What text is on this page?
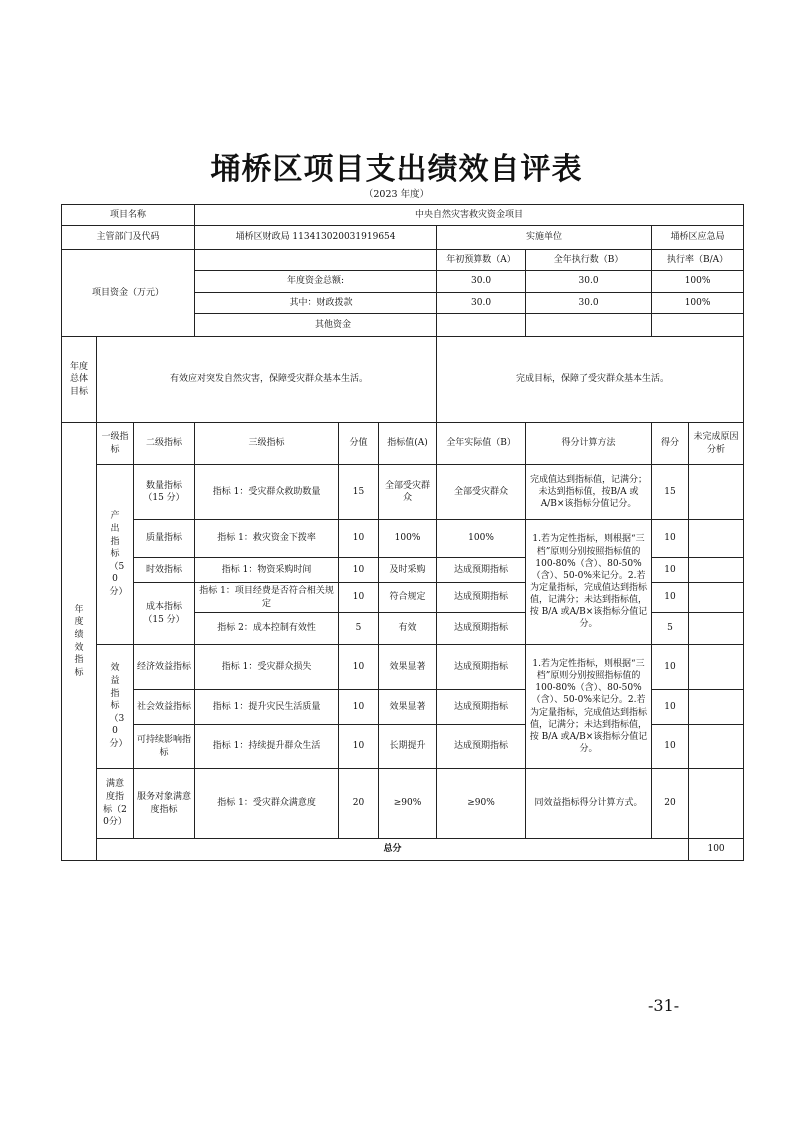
埇桥区项目支出绩效自评表
（2023 年度）
项目名称			中央自然灾害救灾资金项目							
主管部门及代码			埇桥区财政局 113413020031919654			实施单位		埇桥区应急局		
项目资金（万元）						年初预算数（A）	全年执行数（B）	执行率（B/A）		
			年度资金总额:			30.0	30.0	100%		
			其中：财政拨款			30.0	30.0	100%		
			其他资金							
年度总体目标	有效应对突发自然灾害，保障受灾群众基本生活。					完成目标，保障了受灾群众基本生活。				
年度绩效指标	一级指标	二级指标	三级指标	分值	指标值(A)	全年实际值（B）	得分计算方法	得分	未完成原因分析	
	产出指标（50分）	数量指标（15 分）	指标 1：受灾群众救助数量	15	全部受灾群众	全部受灾群众	完成值达到指标值，记满分；未达到指标值，按B/A 或 A/B×该指标分值记分。	15		
		质量指标	指标 1：救灾资金下拨率	10	100%	100%	1.若为定性指标，则根据“三档”原则分别按照指标值的 100-80%（含）、80-50%（含）、50-0%来记分。2.若为定量指标，完成值达到指标值，记满分；未达到指标值，按 B/A 或A/B×该指标分值记分。	10		
		时效指标	指标 1：物资采购时间	10	及时采购	达成预期指标		10		
		成本指标（15 分）	指标 1：项目经费是否符合相关规定	10	符合规定	达成预期指标		10		
			指标 2：成本控制有效性	5	有效	达成预期指标		5		
	效益指标（30分）	经济效益指标	指标 1：受灾群众损失	10	效果显著	达成预期指标	1.若为定性指标，则根据“三档”原则分别按照指标值的 100-80%（含）、80-50%（含）、50-0%来记分。2.若为定量指标，完成值达到指标值，记满分；未达到指标值，按 B/A 或A/B×该指标分值记分。	10		
		社会效益指标	指标 1：提升灾民生活质量	10	效果显著	达成预期指标		10		
		可持续影响指标	指标 1：持续提升群众生活	10	长期提升	达成预期指标		10		
	满意度指标（20分）	服务对象满意度指标	指标 1：受灾群众满意度	20	≥90%	≥90%	同效益指标得分计算方式。	20		
	总分								100	
-31-
